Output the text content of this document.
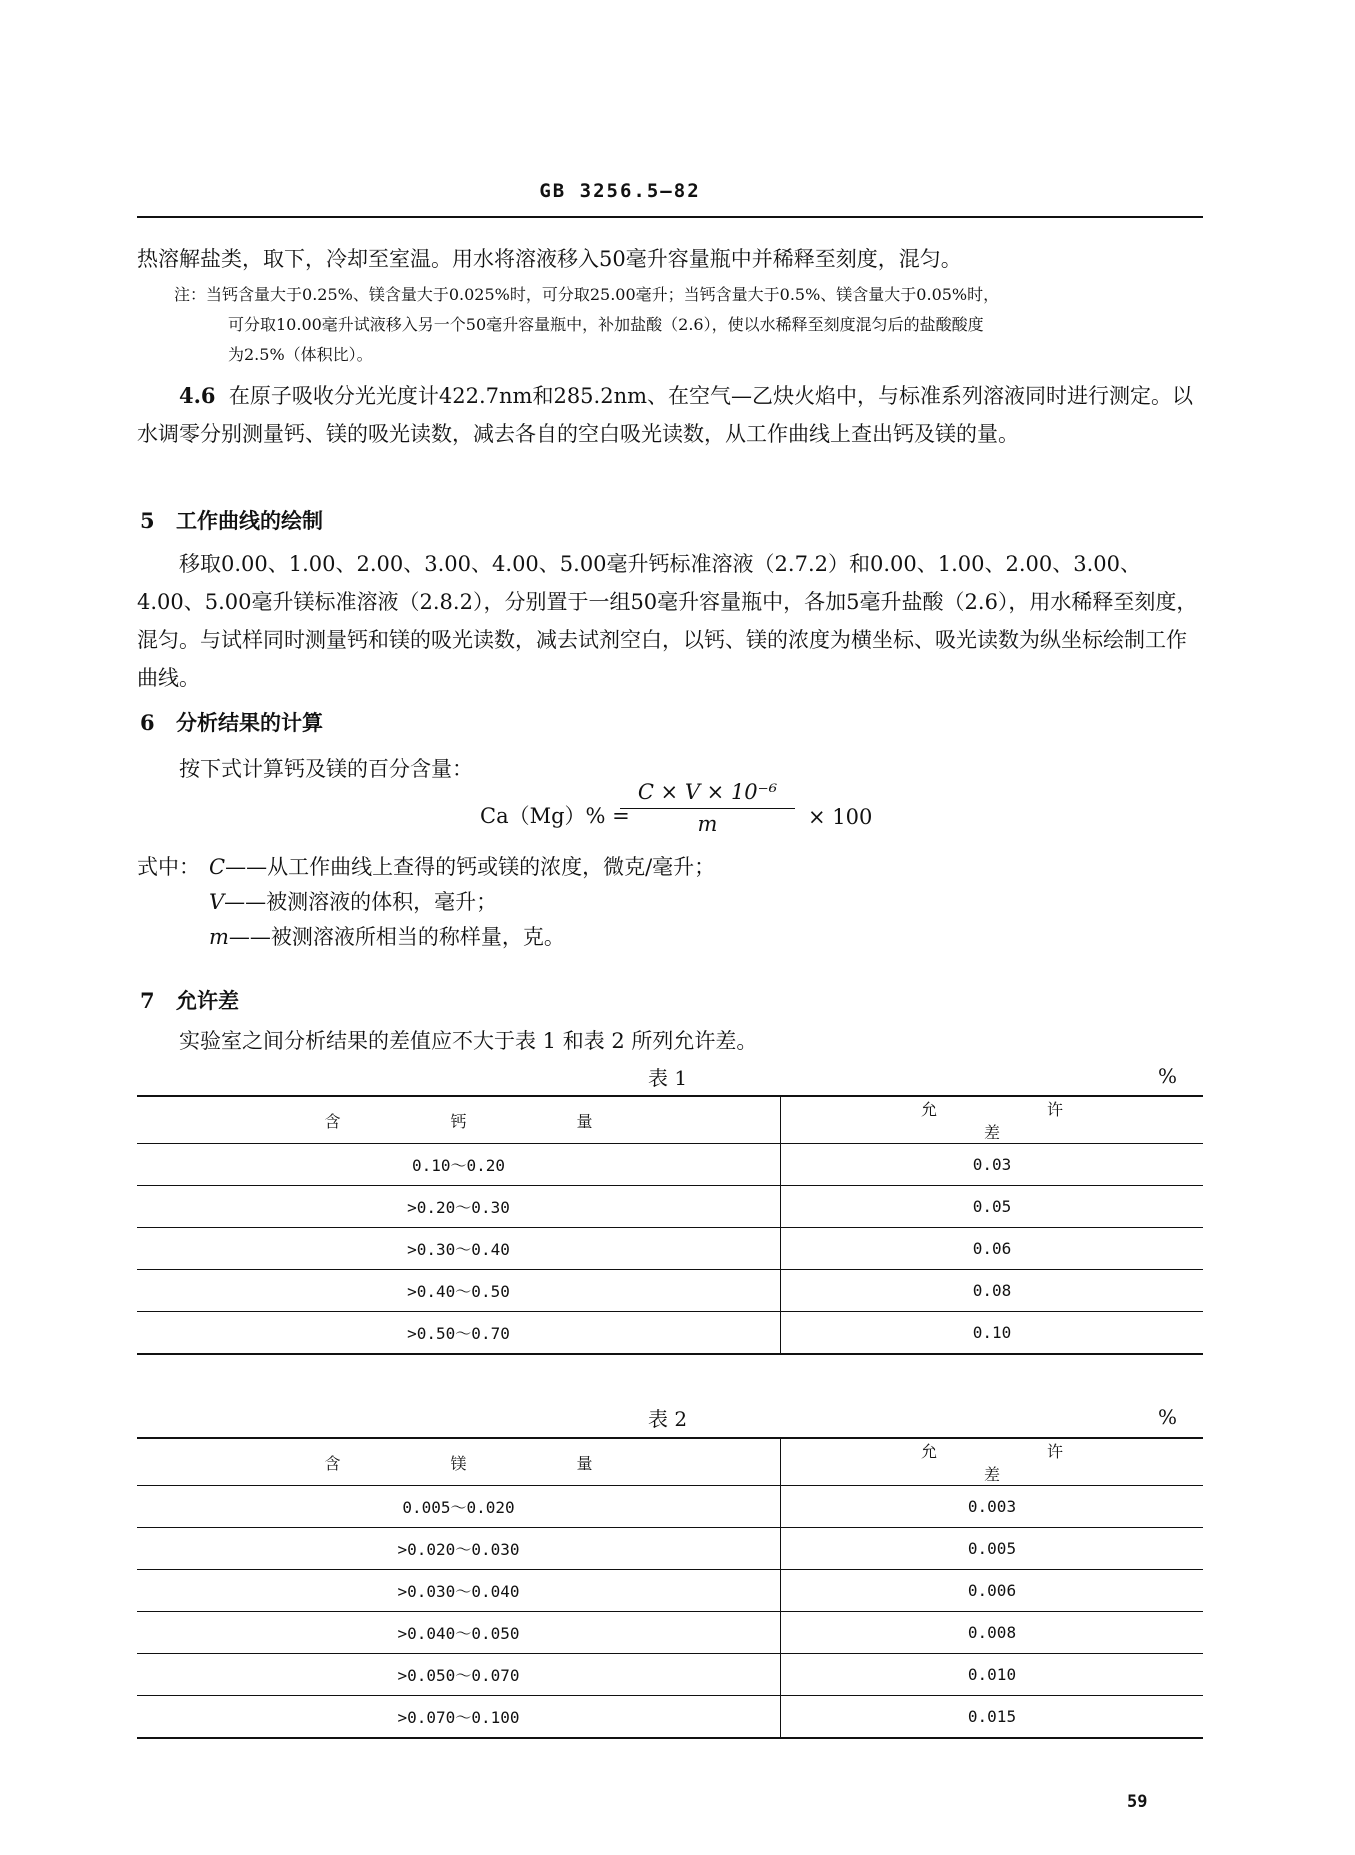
GB 3256.5—82
热溶解盐类，取下，冷却至室温。用水将溶液移入50毫升容量瓶中并稀释至刻度，混匀。
注：当钙含量大于0.25%、镁含量大于0.025%时，可分取25.00毫升；当钙含量大于0.5%、镁含量大于0.05%时，
可分取10.00毫升试液移入另一个50毫升容量瓶中，补加盐酸（2.6），使以水稀释至刻度混匀后的盐酸酸度
为2.5%（体积比）。
4.6 在原子吸收分光光度计422.7nm和285.2nm、在空气—乙炔火焰中，与标准系列溶液同时进行测定。以水调零分别测量钙、镁的吸光读数，减去各自的空白吸光读数，从工作曲线上查出钙及镁的量。
5 工作曲线的绘制
移取0.00、1.00、2.00、3.00、4.00、5.00毫升钙标准溶液（2.7.2）和0.00、1.00、2.00、3.00、4.00、5.00毫升镁标准溶液（2.8.2），分别置于一组50毫升容量瓶中，各加5毫升盐酸（2.6），用水稀释至刻度，混匀。与试样同时测量钙和镁的吸光读数，减去试剂空白，以钙、镁的浓度为横坐标、吸光读数为纵坐标绘制工作曲线。
6 分析结果的计算
按下式计算钙及镁的百分含量：
Ca（Mg）% =
C × V × 10⁻⁶
m	× 100
式中： C——从工作曲线上查得的钙或镁的浓度，微克/毫升；
V——被测溶液的体积，毫升；
m——被测溶液所相当的称样量，克。
7 允许差
实验室之间分析结果的差值应不大于表 1 和表 2 所列允许差。
表 1	%
含钙量	允许差
0.10～0.20	0.03
>0.20～0.30	0.05
>0.30～0.40	0.06
>0.40～0.50	0.08
>0.50～0.70	0.10
表 2	%
含镁量	允许差
0.005～0.020	0.003
>0.020～0.030	0.005
>0.030～0.040	0.006
>0.040～0.050	0.008
>0.050～0.070	0.010
>0.070～0.100	0.015
59
